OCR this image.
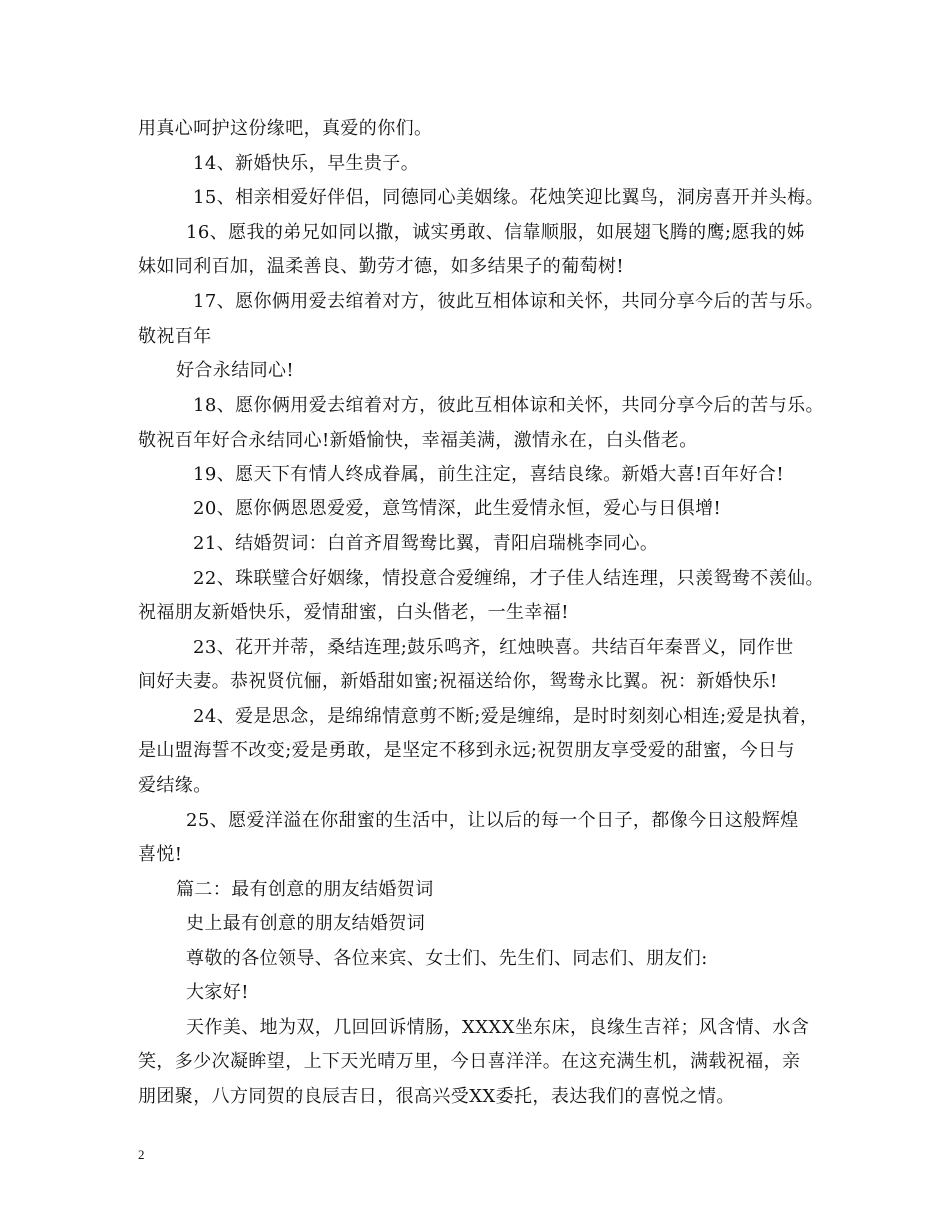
用真心呵护这份缘吧，真爱的你们。
14、新婚快乐，早生贵子。
15、相亲相爱好伴侣，同德同心美姻缘。花烛笑迎比翼鸟，洞房喜开并头梅。
16、愿我的弟兄如同以撒，诚实勇敢、信靠顺服，如展翅飞腾的鹰;愿我的姊
妹如同利百加，温柔善良、勤劳才德，如多结果子的葡萄树!
17、愿你俩用爱去绾着对方，彼此互相体谅和关怀，共同分享今后的苦与乐。
敬祝百年
好合永结同心!
18、愿你俩用爱去绾着对方，彼此互相体谅和关怀，共同分享今后的苦与乐。
敬祝百年好合永结同心!新婚愉快，幸福美满，激情永在，白头偕老。
19、愿天下有情人终成眷属，前生注定，喜结良缘。新婚大喜!百年好合!
20、愿你俩恩恩爱爱，意笃情深，此生爱情永恒，爱心与日俱增!
21、结婚贺词：白首齐眉鸳鸯比翼，青阳启瑞桃李同心。
22、珠联璧合好姻缘，情投意合爱缠绵，才子佳人结连理，只羡鸳鸯不羡仙。
祝福朋友新婚快乐，爱情甜蜜，白头偕老，一生幸福!
23、花开并蒂，桑结连理;鼓乐鸣齐，红烛映喜。共结百年秦晋义，同作世
间好夫妻。恭祝贤伉俪，新婚甜如蜜;祝福送给你，鸳鸯永比翼。祝：新婚快乐!
24、爱是思念，是绵绵情意剪不断;爱是缠绵，是时时刻刻心相连;爱是执着，
是山盟海誓不改变;爱是勇敢，是坚定不移到永远;祝贺朋友享受爱的甜蜜，今日与
爱结缘。
25、愿爱洋溢在你甜蜜的生活中，让以后的每一个日子，都像今日这般辉煌
喜悦!
篇二：最有创意的朋友结婚贺词
史上最有创意的朋友结婚贺词
尊敬的各位领导、各位来宾、女士们、先生们、同志们、朋友们:
大家好!
天作美、地为双，几回回诉情肠，XXXX坐东床，良缘生吉祥；风含情、水含
笑，多少次凝眸望，上下天光晴万里，今日喜洋洋。在这充满生机，满载祝福，亲
朋团聚，八方同贺的良辰吉日，很高兴受XX委托，表达我们的喜悦之情。
2
